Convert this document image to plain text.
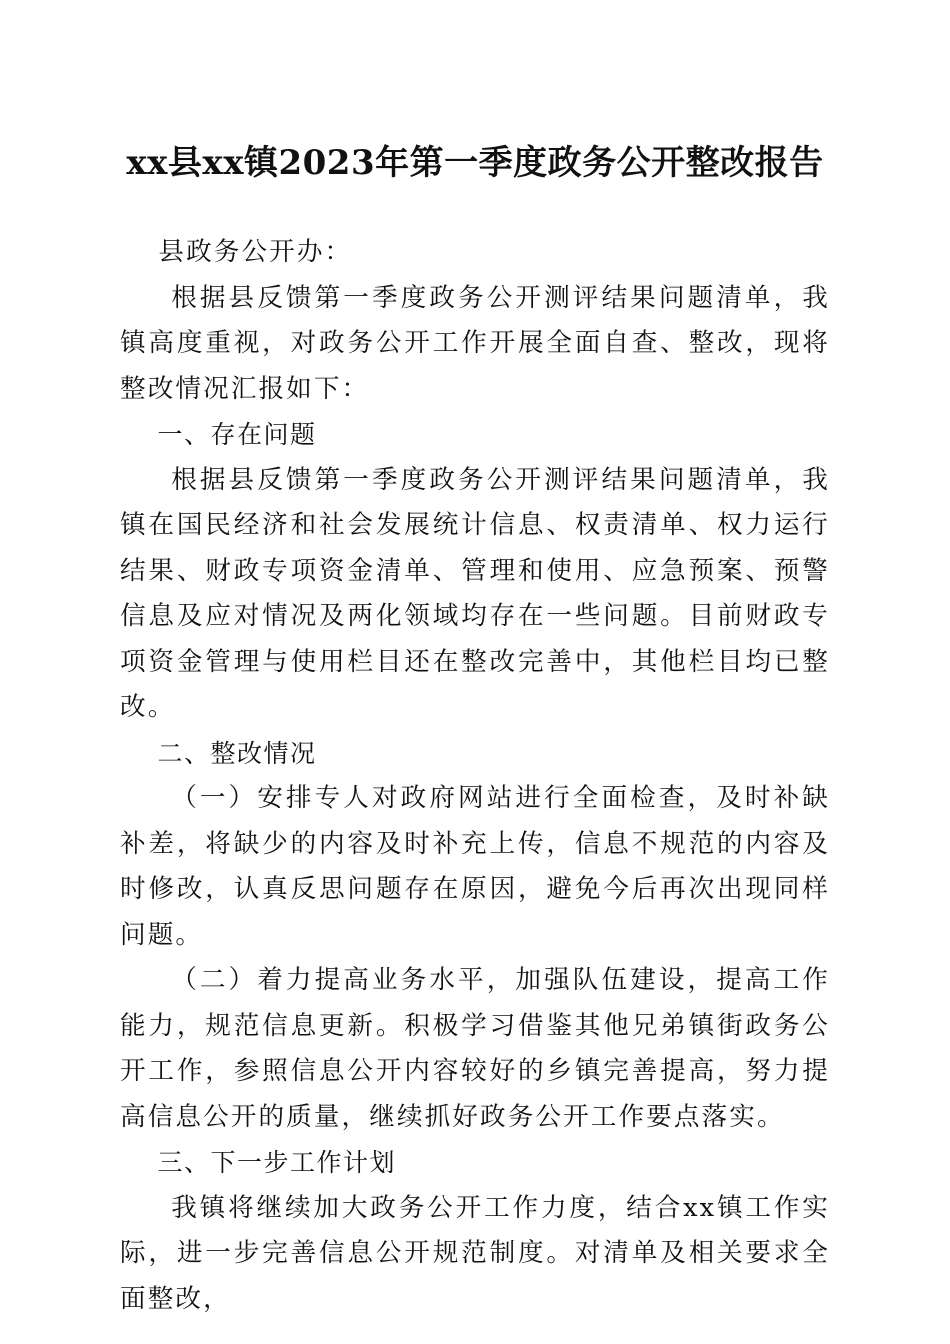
xx县xx镇2023年第一季度政务公开整改报告

县政务公开办：

根据县反馈第一季度政务公开测评结果问题清单，我镇高度重视，对政务公开工作开展全面自查、整改，现将整改情况汇报如下：

一、存在问题

根据县反馈第一季度政务公开测评结果问题清单，我镇在国民经济和社会发展统计信息、权责清单、权力运行结果、财政专项资金清单、管理和使用、应急预案、预警信息及应对情况及两化领域均存在一些问题。目前财政专项资金管理与使用栏目还在整改完善中，其他栏目均已整改。

二、整改情况

（一）安排专人对政府网站进行全面检查，及时补缺补差，将缺少的内容及时补充上传，信息不规范的内容及时修改，认真反思问题存在原因，避免今后再次出现同样问题。

（二）着力提高业务水平，加强队伍建设，提高工作能力，规范信息更新。积极学习借鉴其他兄弟镇街政务公开工作，参照信息公开内容较好的乡镇完善提高，努力提高信息公开的质量，继续抓好政务公开工作要点落实。

三、下一步工作计划

我镇将继续加大政务公开工作力度，结合xx镇工作实际，进一步完善信息公开规范制度。对清单及相关要求全面整改，
